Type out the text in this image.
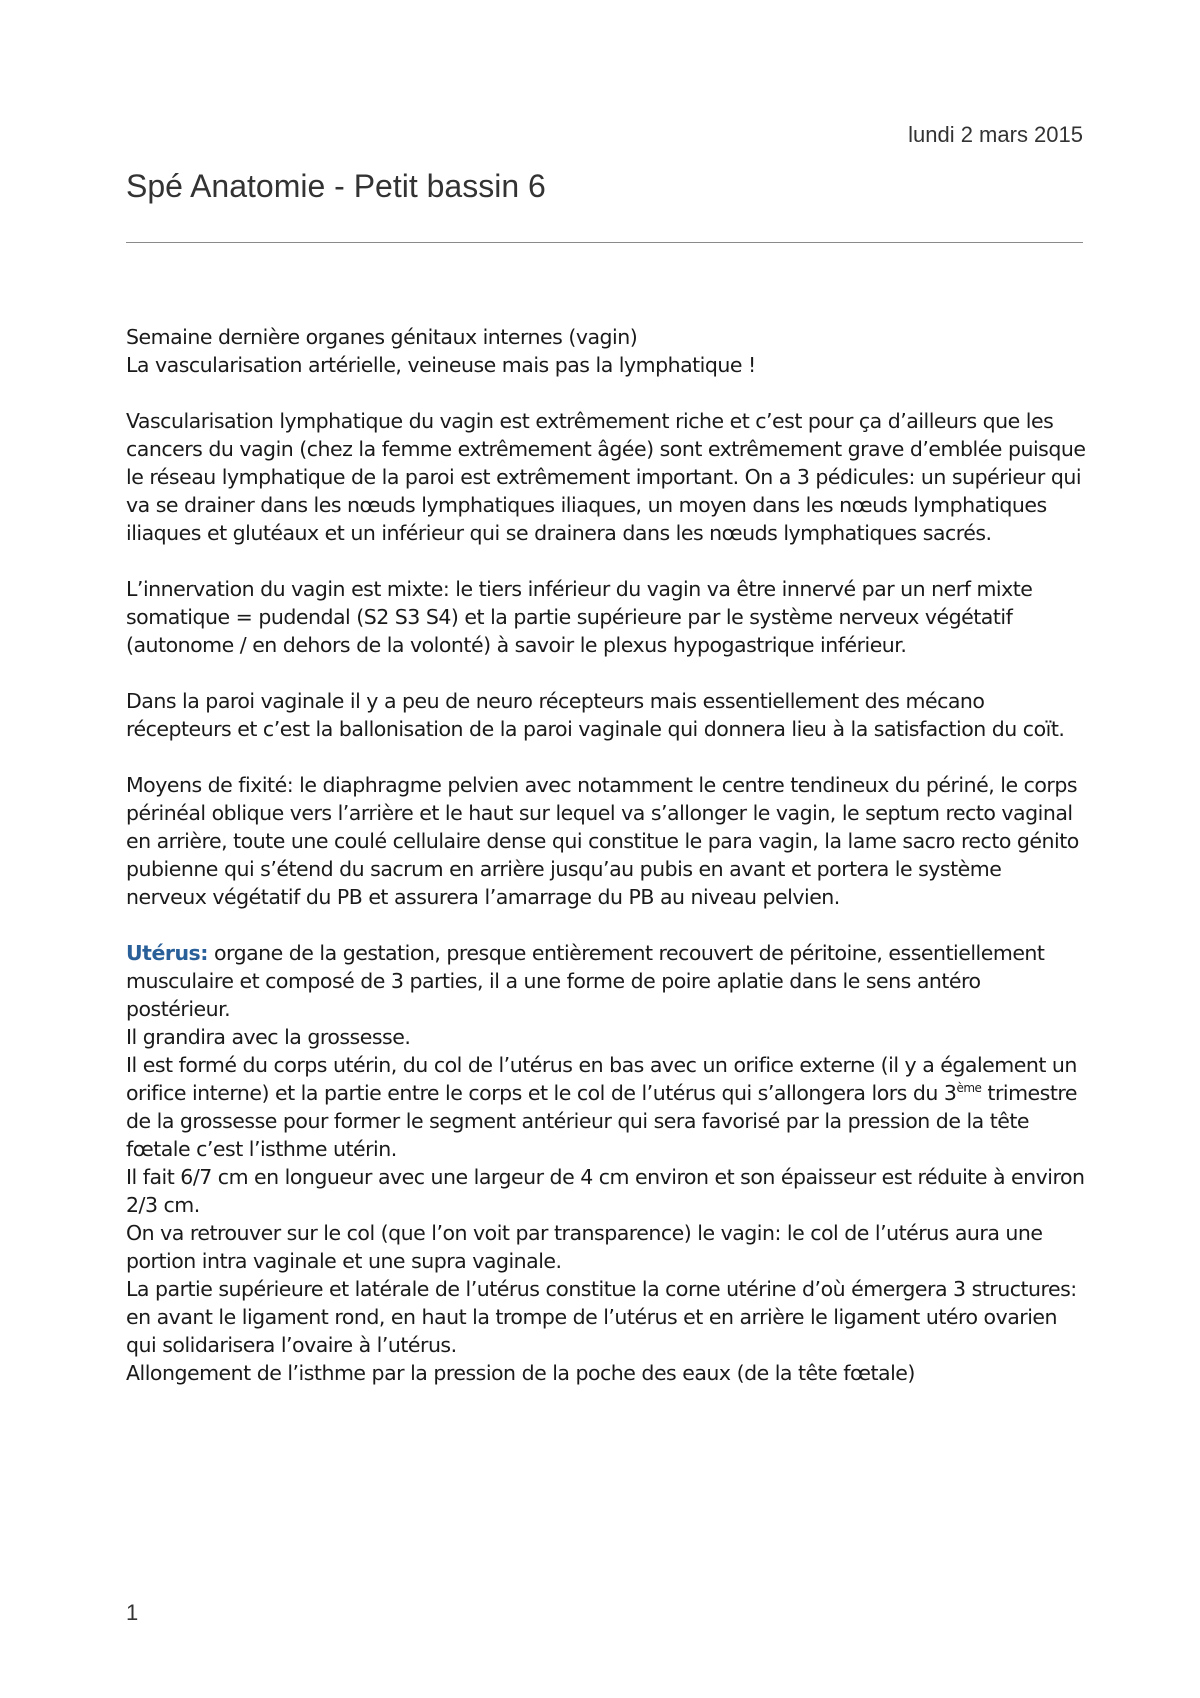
lundi 2 mars 2015
Spé Anatomie - Petit bassin 6

Semaine dernière organes génitaux internes (vagin)
La vascularisation artérielle, veineuse mais pas la lymphatique !

Vascularisation lymphatique du vagin est extrêmement riche et c’est pour ça d’ailleurs que les cancers du vagin (chez la femme extrêmement âgée) sont extrêmement grave d’emblée puisque le réseau lymphatique de la paroi est extrêmement important. On a 3 pédicules: un supérieur qui va se drainer dans les nœuds lymphatiques iliaques, un moyen dans les nœuds lymphatiques iliaques et glutéaux et un inférieur qui se drainera dans les nœuds lymphatiques sacrés.

L’innervation du vagin est mixte: le tiers inférieur du vagin va être innervé par un nerf mixte somatique = pudendal (S2 S3 S4) et la partie supérieure par le système nerveux végétatif (autonome / en dehors de la volonté) à savoir le plexus hypogastrique inférieur.

Dans la paroi vaginale il y a peu de neuro récepteurs mais essentiellement des mécano récepteurs et c’est la ballonisation de la paroi vaginale qui donnera lieu à la satisfaction du coït.

Moyens de fixité: le diaphragme pelvien avec notamment le centre tendineux du périné, le corps périnéal oblique vers l’arrière et le haut sur lequel va s’allonger le vagin, le septum recto vaginal en arrière, toute une coulé cellulaire dense qui constitue le para vagin, la lame sacro recto génito pubienne qui s’étend du sacrum en arrière jusqu’au pubis en avant et portera le système nerveux végétatif du PB et assurera l’amarrage du PB au niveau pelvien.

Utérus: organe de la gestation, presque entièrement recouvert de péritoine, essentiellement musculaire et composé de 3 parties, il a une forme de poire aplatie dans le sens antéro postérieur.

Il grandira avec la grossesse.

Il est formé du corps utérin, du col de l’utérus en bas avec un orifice externe (il y a également un orifice interne) et la partie entre le corps et le col de l’utérus qui s’allongera lors du 3ème trimestre de la grossesse pour former le segment antérieur qui sera favorisé par la pression de la tête fœtale c’est l’isthme utérin.

Il fait 6/7 cm en longueur avec une largeur de 4 cm environ et son épaisseur est réduite à environ 2/3 cm.

On va retrouver sur le col (que l’on voit par transparence) le vagin: le col de l’utérus aura une portion intra vaginale et une supra vaginale.

La partie supérieure et latérale de l’utérus constitue la corne utérine d’où émergera 3 structures: en avant le ligament rond, en haut la trompe de l’utérus et en arrière le ligament utéro ovarien qui solidarisera l’ovaire à l’utérus.

Allongement de l’isthme par la pression de la poche des eaux (de la tête fœtale)

1
